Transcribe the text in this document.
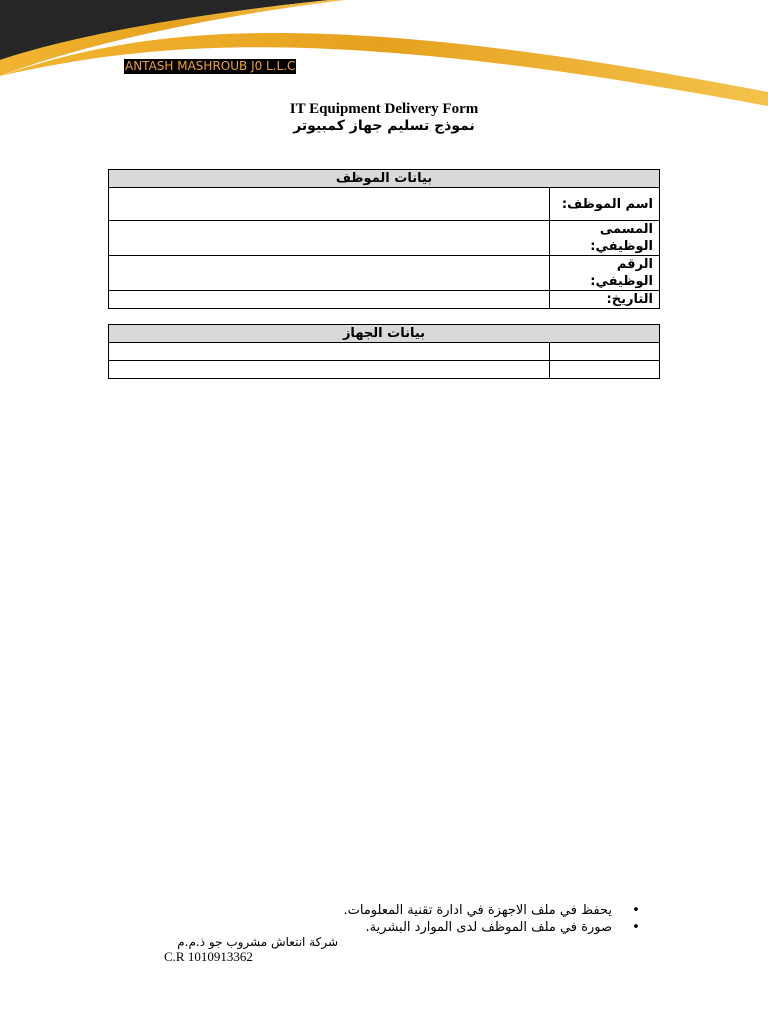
ANTASH MASHROUB J0 L.L.C
IT Equipment Delivery Form
نموذج تسليم جهاز كمبيوتر
بيانات الموظف	
اسم الموظف:	
المسمى الوظيفي:	
الرقم الوظيفي:	
التاريخ:	
بيانات الجهاز	

•
يحفظ في ملف الاجهزة في ادارة تقنية المعلومات.
•
صورة في ملف الموظف لدى الموارد البشرية.
شركة انتعاش مشروب جو ذ.م.م
C.R 1010913362
